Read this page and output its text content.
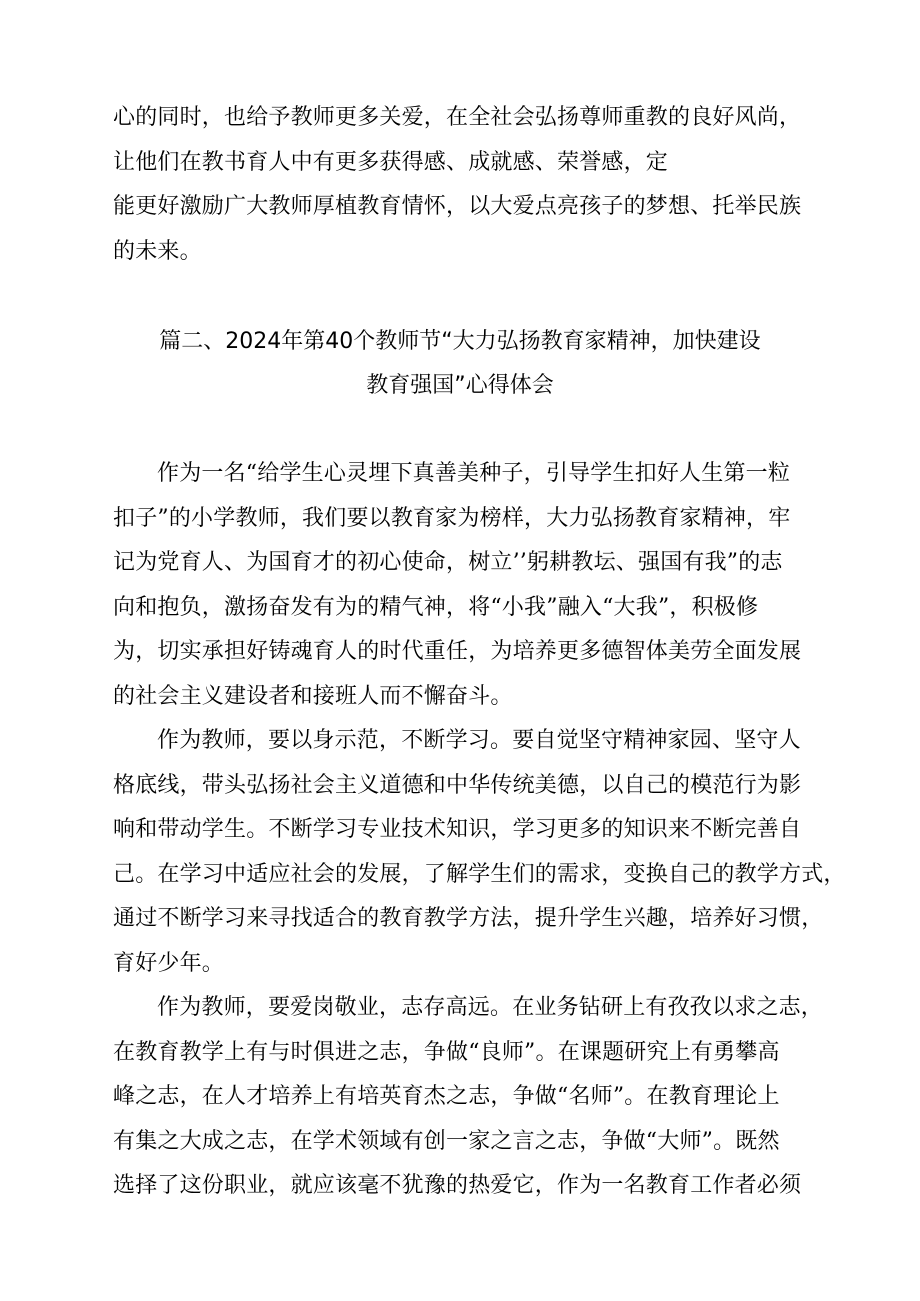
心的同时，也给予教师更多关爱，在全社会弘扬尊师重教的良好风尚，
让他们在教书育人中有更多获得感、成就感、荣誉感，定
能更好激励广大教师厚植教育情怀，以大爱点亮孩子的梦想、托举民族
的未来。
篇二、2024年第40个教师节“大力弘扬教育家精神，加快建设
教育强国”心得体会
作为一名“给学生心灵埋下真善美种子，引导学生扣好人生第一粒
扣子”的小学教师，我们要以教育家为榜样，大力弘扬教育家精神，牢
记为党育人、为国育才的初心使命，树立’’躬耕教坛、强国有我”的志
向和抱负，激扬奋发有为的精气神，将“小我”融入“大我”，积极修
为，切实承担好铸魂育人的时代重任，为培养更多德智体美劳全面发展
的社会主义建设者和接班人而不懈奋斗。
作为教师，要以身示范，不断学习。要自觉坚守精神家园、坚守人
格底线，带头弘扬社会主义道德和中华传统美德，以自己的模范行为影
响和带动学生。不断学习专业技术知识，学习更多的知识来不断完善自
己。在学习中适应社会的发展，了解学生们的需求，变换自己的教学方式，
通过不断学习来寻找适合的教育教学方法，提升学生兴趣，培养好习惯，
育好少年。
作为教师，要爱岗敬业，志存高远。在业务钻研上有孜孜以求之志，
在教育教学上有与时俱进之志，争做“良师”。在课题研究上有勇攀高
峰之志，在人才培养上有培英育杰之志，争做“名师”。在教育理论上
有集之大成之志，在学术领域有创一家之言之志，争做“大师”。既然
选择了这份职业，就应该毫不犹豫的热爱它，作为一名教育工作者必须
